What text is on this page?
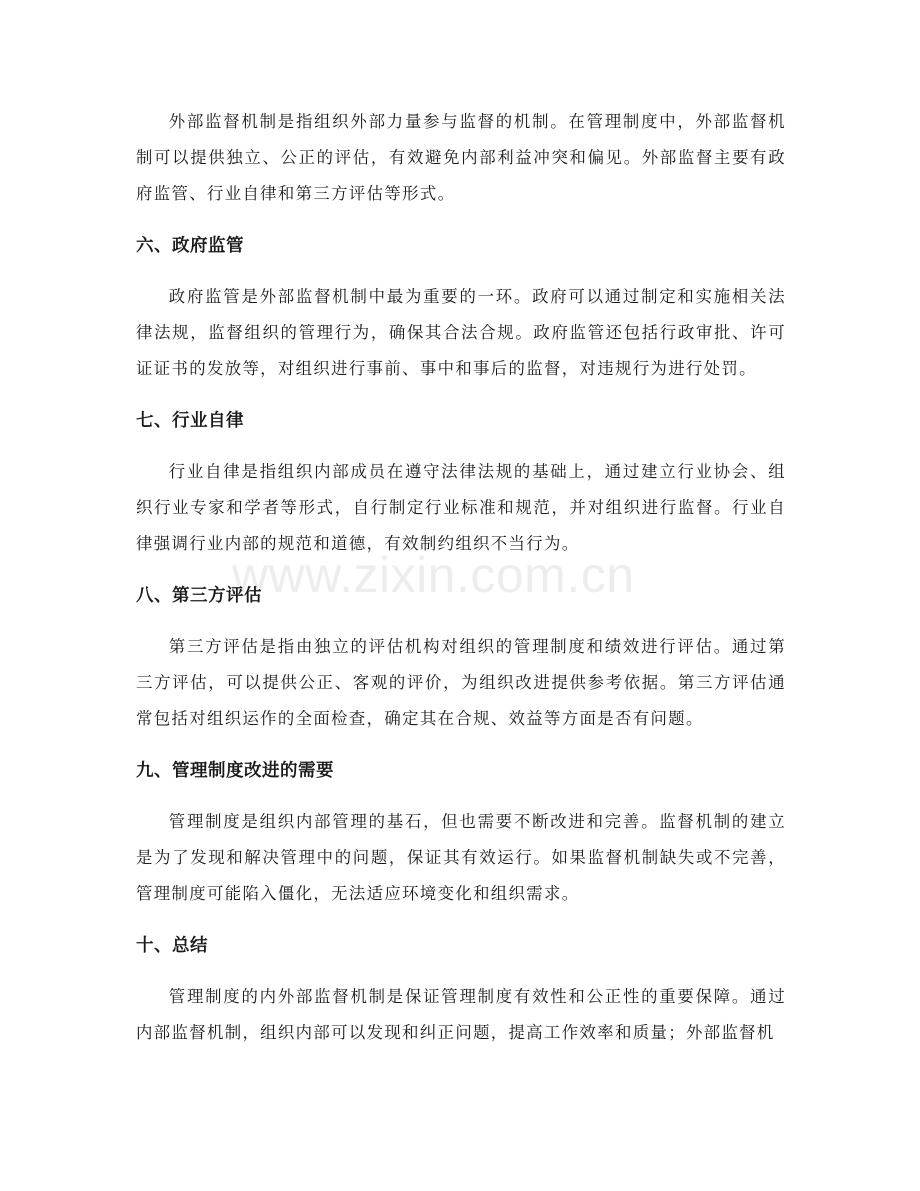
外部监督机制是指组织外部力量参与监督的机制。在管理制度中，外部监督机制可以提供独立、公正的评估，有效避免内部利益冲突和偏见。外部监督主要有政府监管、行业自律和第三方评估等形式。

六、政府监管

政府监管是外部监督机制中最为重要的一环。政府可以通过制定和实施相关法律法规，监督组织的管理行为，确保其合法合规。政府监管还包括行政审批、许可证证书的发放等，对组织进行事前、事中和事后的监督，对违规行为进行处罚。

七、行业自律

行业自律是指组织内部成员在遵守法律法规的基础上，通过建立行业协会、组织行业专家和学者等形式，自行制定行业标准和规范，并对组织进行监督。行业自律强调行业内部的规范和道德，有效制约组织不当行为。

八、第三方评估

第三方评估是指由独立的评估机构对组织的管理制度和绩效进行评估。通过第三方评估，可以提供公正、客观的评价，为组织改进提供参考依据。第三方评估通常包括对组织运作的全面检查，确定其在合规、效益等方面是否有问题。

九、管理制度改进的需要

管理制度是组织内部管理的基石，但也需要不断改进和完善。监督机制的建立是为了发现和解决管理中的问题，保证其有效运行。如果监督机制缺失或不完善，管理制度可能陷入僵化，无法适应环境变化和组织需求。

十、总结

管理制度的内外部监督机制是保证管理制度有效性和公正性的重要保障。通过内部监督机制，组织内部可以发现和纠正问题，提高工作效率和质量；外部监督机

www.zixin.com.cn
